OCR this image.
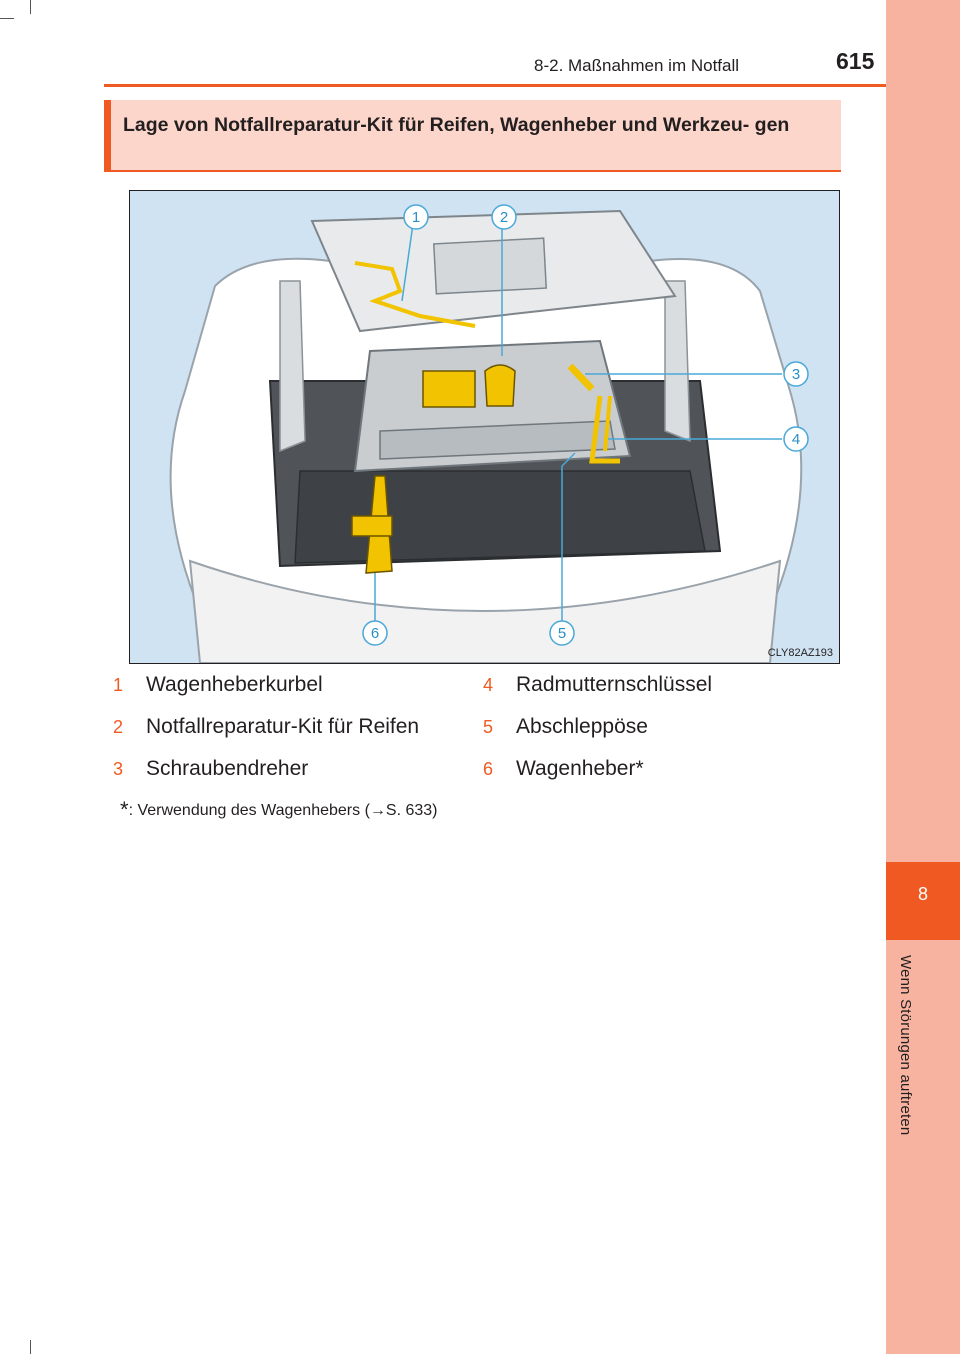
8-2. Maßnahmen im Notfall	615
8
Wenn Störungen auftreten
Lage von Notfallreparatur-Kit für Reifen, Wagenheber und Werkzeu- gen
1	2
3
4
5
6
CLY82AZ193
1 Wagenheberkurbel
2 Notfallreparatur-Kit für Reifen
3 Schraubendreher
4 Radmutternschlüssel
5 Abschleppöse
6 Wagenheber*
*: Verwendung des Wagenhebers (→S. 633)
